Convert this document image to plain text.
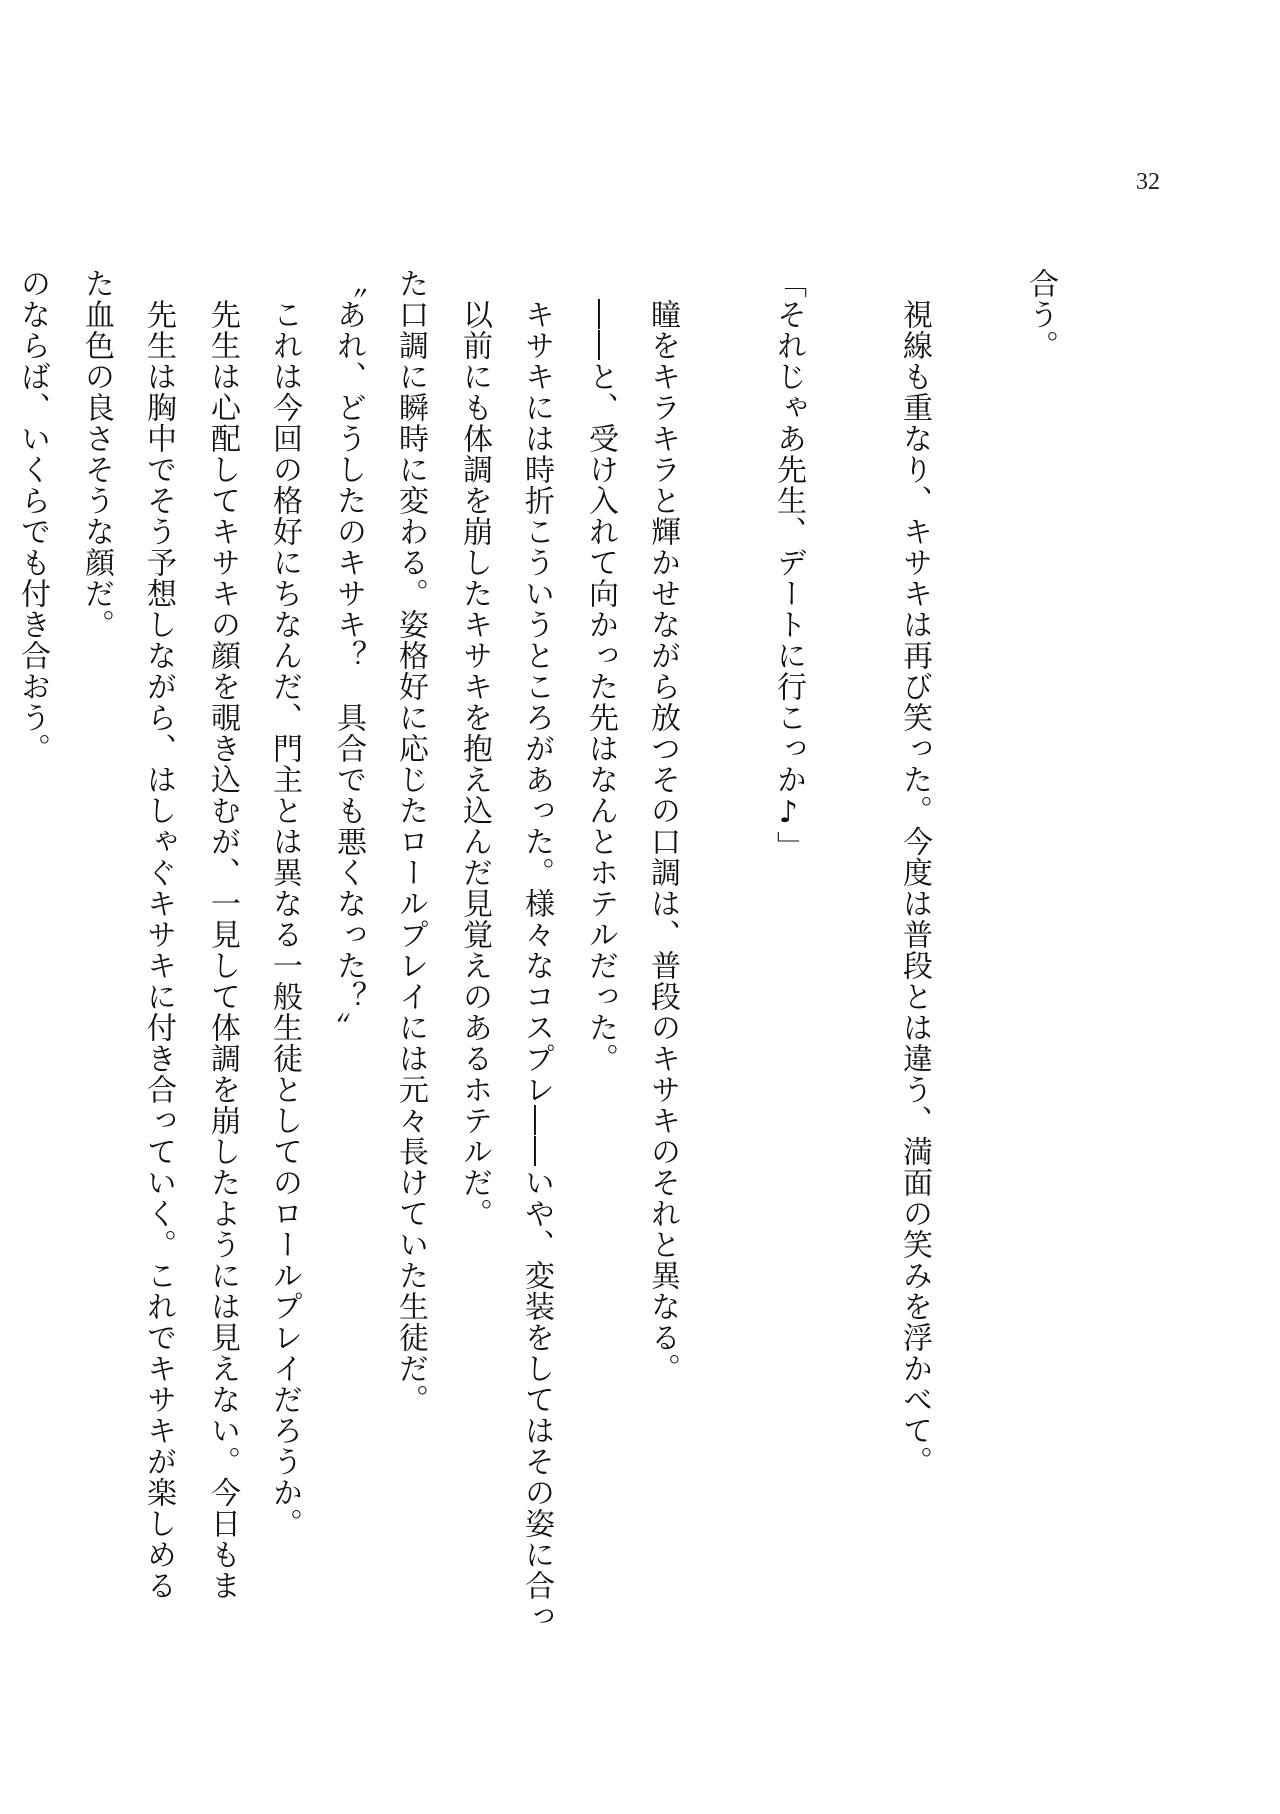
32

合う。

　視線も重なり、キサキは再び笑った。今度は普段とは違う、満面の笑みを浮かべて。

「それじゃあ先生、デートに行こっか♪」

　瞳をキラキラと輝かせながら放つその口調は、普段のキサキのそれと異なる。

　キサキには時折こういうところがあった。様々なコスプレ――いや、変装をしてはその姿に合っ

た口調に瞬時に変わる。姿格好に応じたロールプレイには元々長けていた生徒だ。

　これは今回の格好にちなんだ、門主とは異なる一般生徒としてのロールプレイだろうか。

　先生は胸中でそう予想しながら、はしゃぐキサキに付き合っていく。これでキサキが楽しめる

のならば、いくらでも付き合おう。

	　――と、受け入れて向かった先はなんとホテルだった。

　以前にも体調を崩したキサキを抱え込んだ見覚えのあるホテルだ。

〝あれ、どうしたのキサキ？　具合でも悪くなった？〟

　先生は心配してキサキの顔を覗き込むが、一見して体調を崩したようには見えない。今日もま

た血色の良さそうな顔だ。
